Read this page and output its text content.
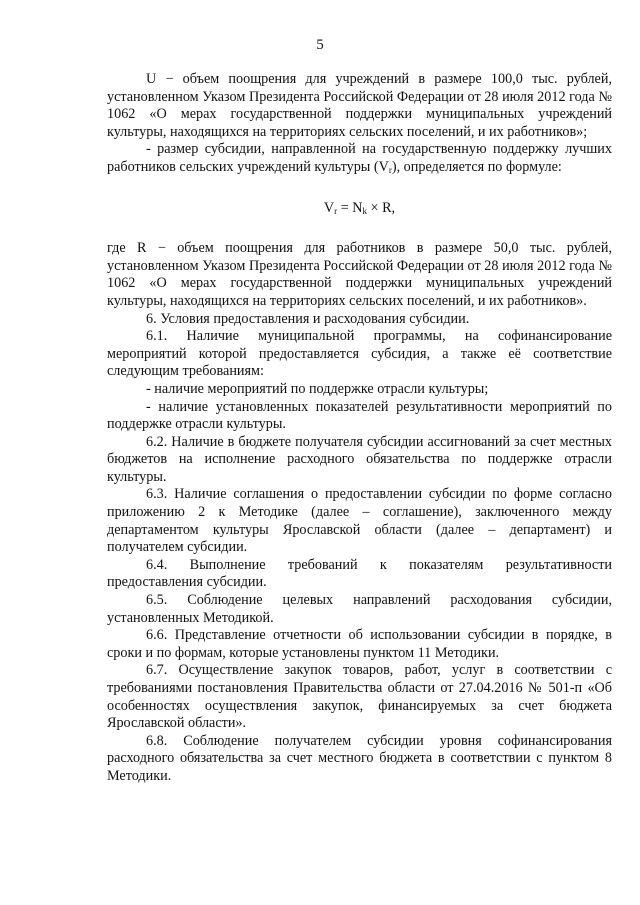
5

U − объем поощрения для учреждений в размере 100,0 тыс. рублей, установленном Указом Президента Российской Федерации от 28 июля 2012 года № 1062 «О мерах государственной поддержки муниципальных учреждений культуры, находящихся на территориях сельских поселений, и их работников»;

- размер субсидии, направленной на государственную поддержку лучших работников сельских учреждений культуры (Vr), определяется по формуле:

$V_r = N_k \times R$,

где R − объем поощрения для работников в размере 50,0 тыс. рублей, установленном Указом Президента Российской Федерации от 28 июля 2012 года № 1062 «О мерах государственной поддержки муниципальных учреждений культуры, находящихся на территориях сельских поселений, и их работников».

6. Условия предоставления и расходования субсидии.

6.1. Наличие муниципальной программы, на софинансирование мероприятий которой предоставляется субсидия, а также её соответствие следующим требованиям:

- наличие мероприятий по поддержке отрасли культуры;

- наличие установленных показателей результативности мероприятий по поддержке отрасли культуры.

6.2. Наличие в бюджете получателя субсидии ассигнований за счет местных бюджетов на исполнение расходного обязательства по поддержке отрасли культуры.

6.3. Наличие соглашения о предоставлении субсидии по форме согласно приложению 2 к Методике (далее – соглашение), заключенного между департаментом культуры Ярославской области (далее – департамент) и получателем субсидии.

6.4. Выполнение требований к показателям результативности предоставления субсидии.

6.5. Соблюдение целевых направлений расходования субсидии, установленных Методикой.

6.6. Представление отчетности об использовании субсидии в порядке, в сроки и по формам, которые установлены пунктом 11 Методики.

6.7. Осуществление закупок товаров, работ, услуг в соответствии с требованиями постановления Правительства области от 27.04.2016 № 501-п «Об особенностях осуществления закупок, финансируемых за счет бюджета Ярославской области».

6.8. Соблюдение получателем субсидии уровня софинансирования расходного обязательства за счет местного бюджета в соответствии с пунктом 8 Методики.
